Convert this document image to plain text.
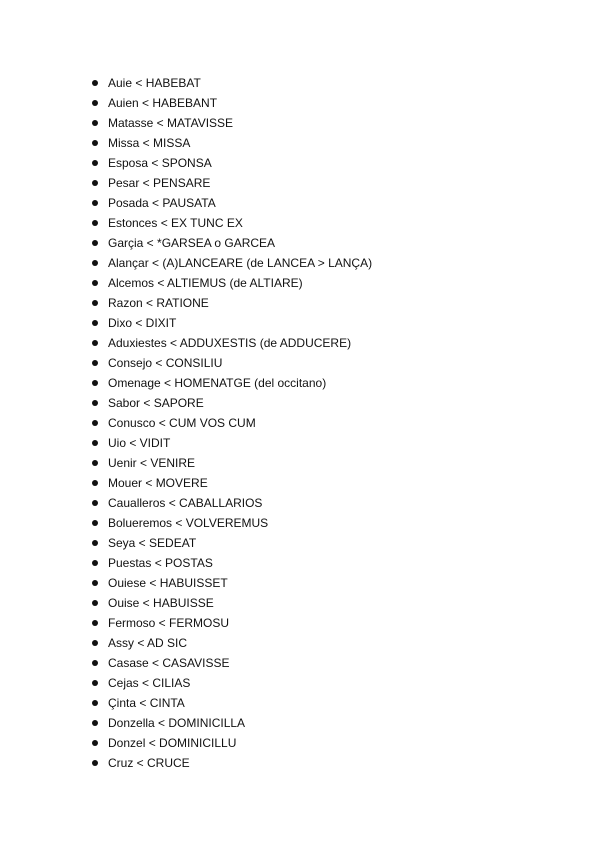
Auie < HABEBAT
Auien < HABEBANT
Matasse < MATAVISSE
Missa < MISSA
Esposa < SPONSA
Pesar < PENSARE
Posada < PAUSATA
Estonces < EX TUNC EX
Garçia < *GARSEA o GARCEA
Alançar < (A)LANCEARE (de LANCEA > LANÇA)
Alcemos < ALTIEMUS (de ALTIARE)
Razon < RATIONE
Dixo < DIXIT
Aduxiestes < ADDUXESTIS (de ADDUCERE)
Consejo < CONSILIU
Omenage < HOMENATGE (del occitano)
Sabor < SAPORE
Conusco < CUM VOS CUM
Uio < VIDIT
Uenir < VENIRE
Mouer < MOVERE
Caualleros < CABALLARIOS
Bolueremos < VOLVEREMUS
Seya < SEDEAT
Puestas < POSTAS
Ouiese < HABUISSET
Ouise < HABUISSE
Fermoso < FERMOSU
Assy < AD SIC
Casase < CASAVISSE
Cejas < CILIAS
Çinta < CINTA
Donzella < DOMINICILLA
Donzel < DOMINICILLU
Cruz < CRUCE
